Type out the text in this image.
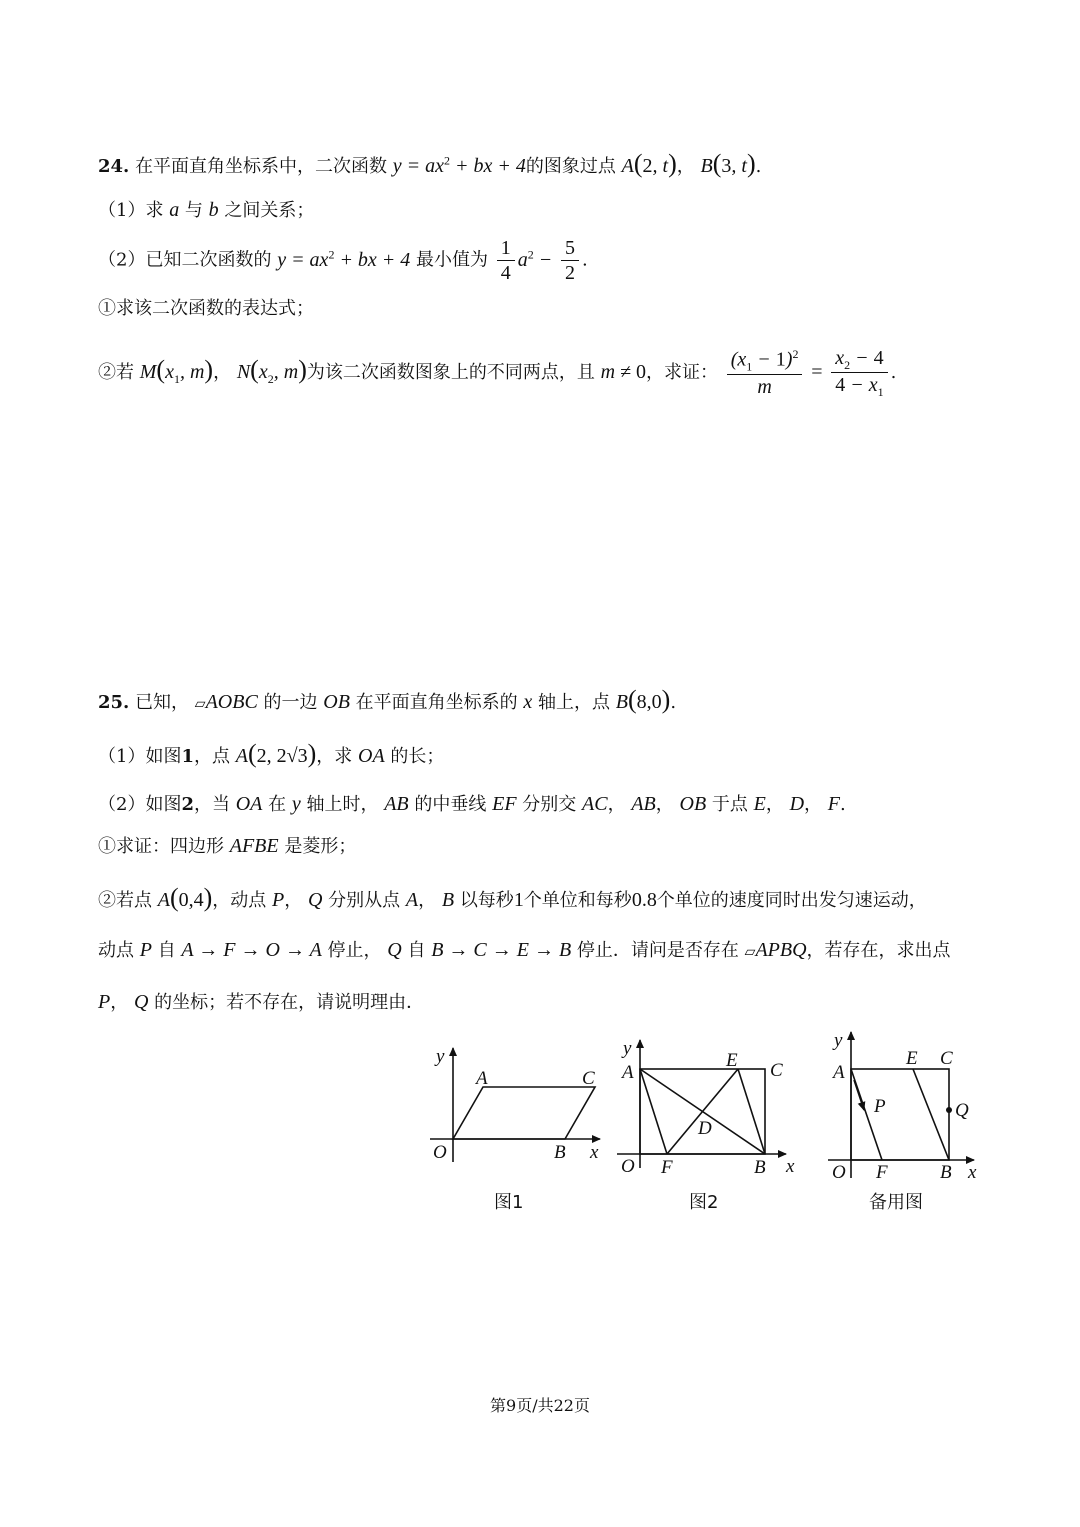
24. 在平面直角坐标系中，二次函数 $y = ax^2$ + bx + 4的图象过点 A(2, t)， B(3, t).
（1）求 a 与 b 之间关系；
（2）已知二次函数的 $y = ax^2$ + bx + 4 最小值为 $\frac{1}{4} a^2 - \frac{5}{2}$ .
①求该二次函数的表达式；
②若 $M(x_1$, m)， $N(x_2$, m)为该二次函数图象上的不同两点，且 m ≠ 0，求证： $\frac{(x_1 - 1)^2}{m} = \frac{x_2 - 4}{4 - x_1}$ .
25. 已知， ▱AOBC 的一边 OB 在平面直角坐标系的 x 轴上，点 B(8,0).
（1）如图1，点 A(2, 2√3)，求 OA 的长；
（2）如图2，当 OA 在 y 轴上时， AB 的中垂线 EF 分别交 AC， AB， OB 于点 E， D， F.
①求证：四边形 AFBE 是菱形；
②若点 A(0,4)，动点 P， Q 分别从点 A， B 以每秒1个单位和每秒0.8个单位的速度同时出发匀速运动，
动点 P 自 A → F → O → A 停止， Q 自 B → C → E → B 停止．请问是否存在 ▱APBQ，若存在，求出点
P， Q 的坐标；若不存在，请说明理由．
y
A	C
O	B x
y
A
E C
D
O F	B x
y
A
E C
P	Q
O F	B x
图1	图2	备用图
第9页/共22页
